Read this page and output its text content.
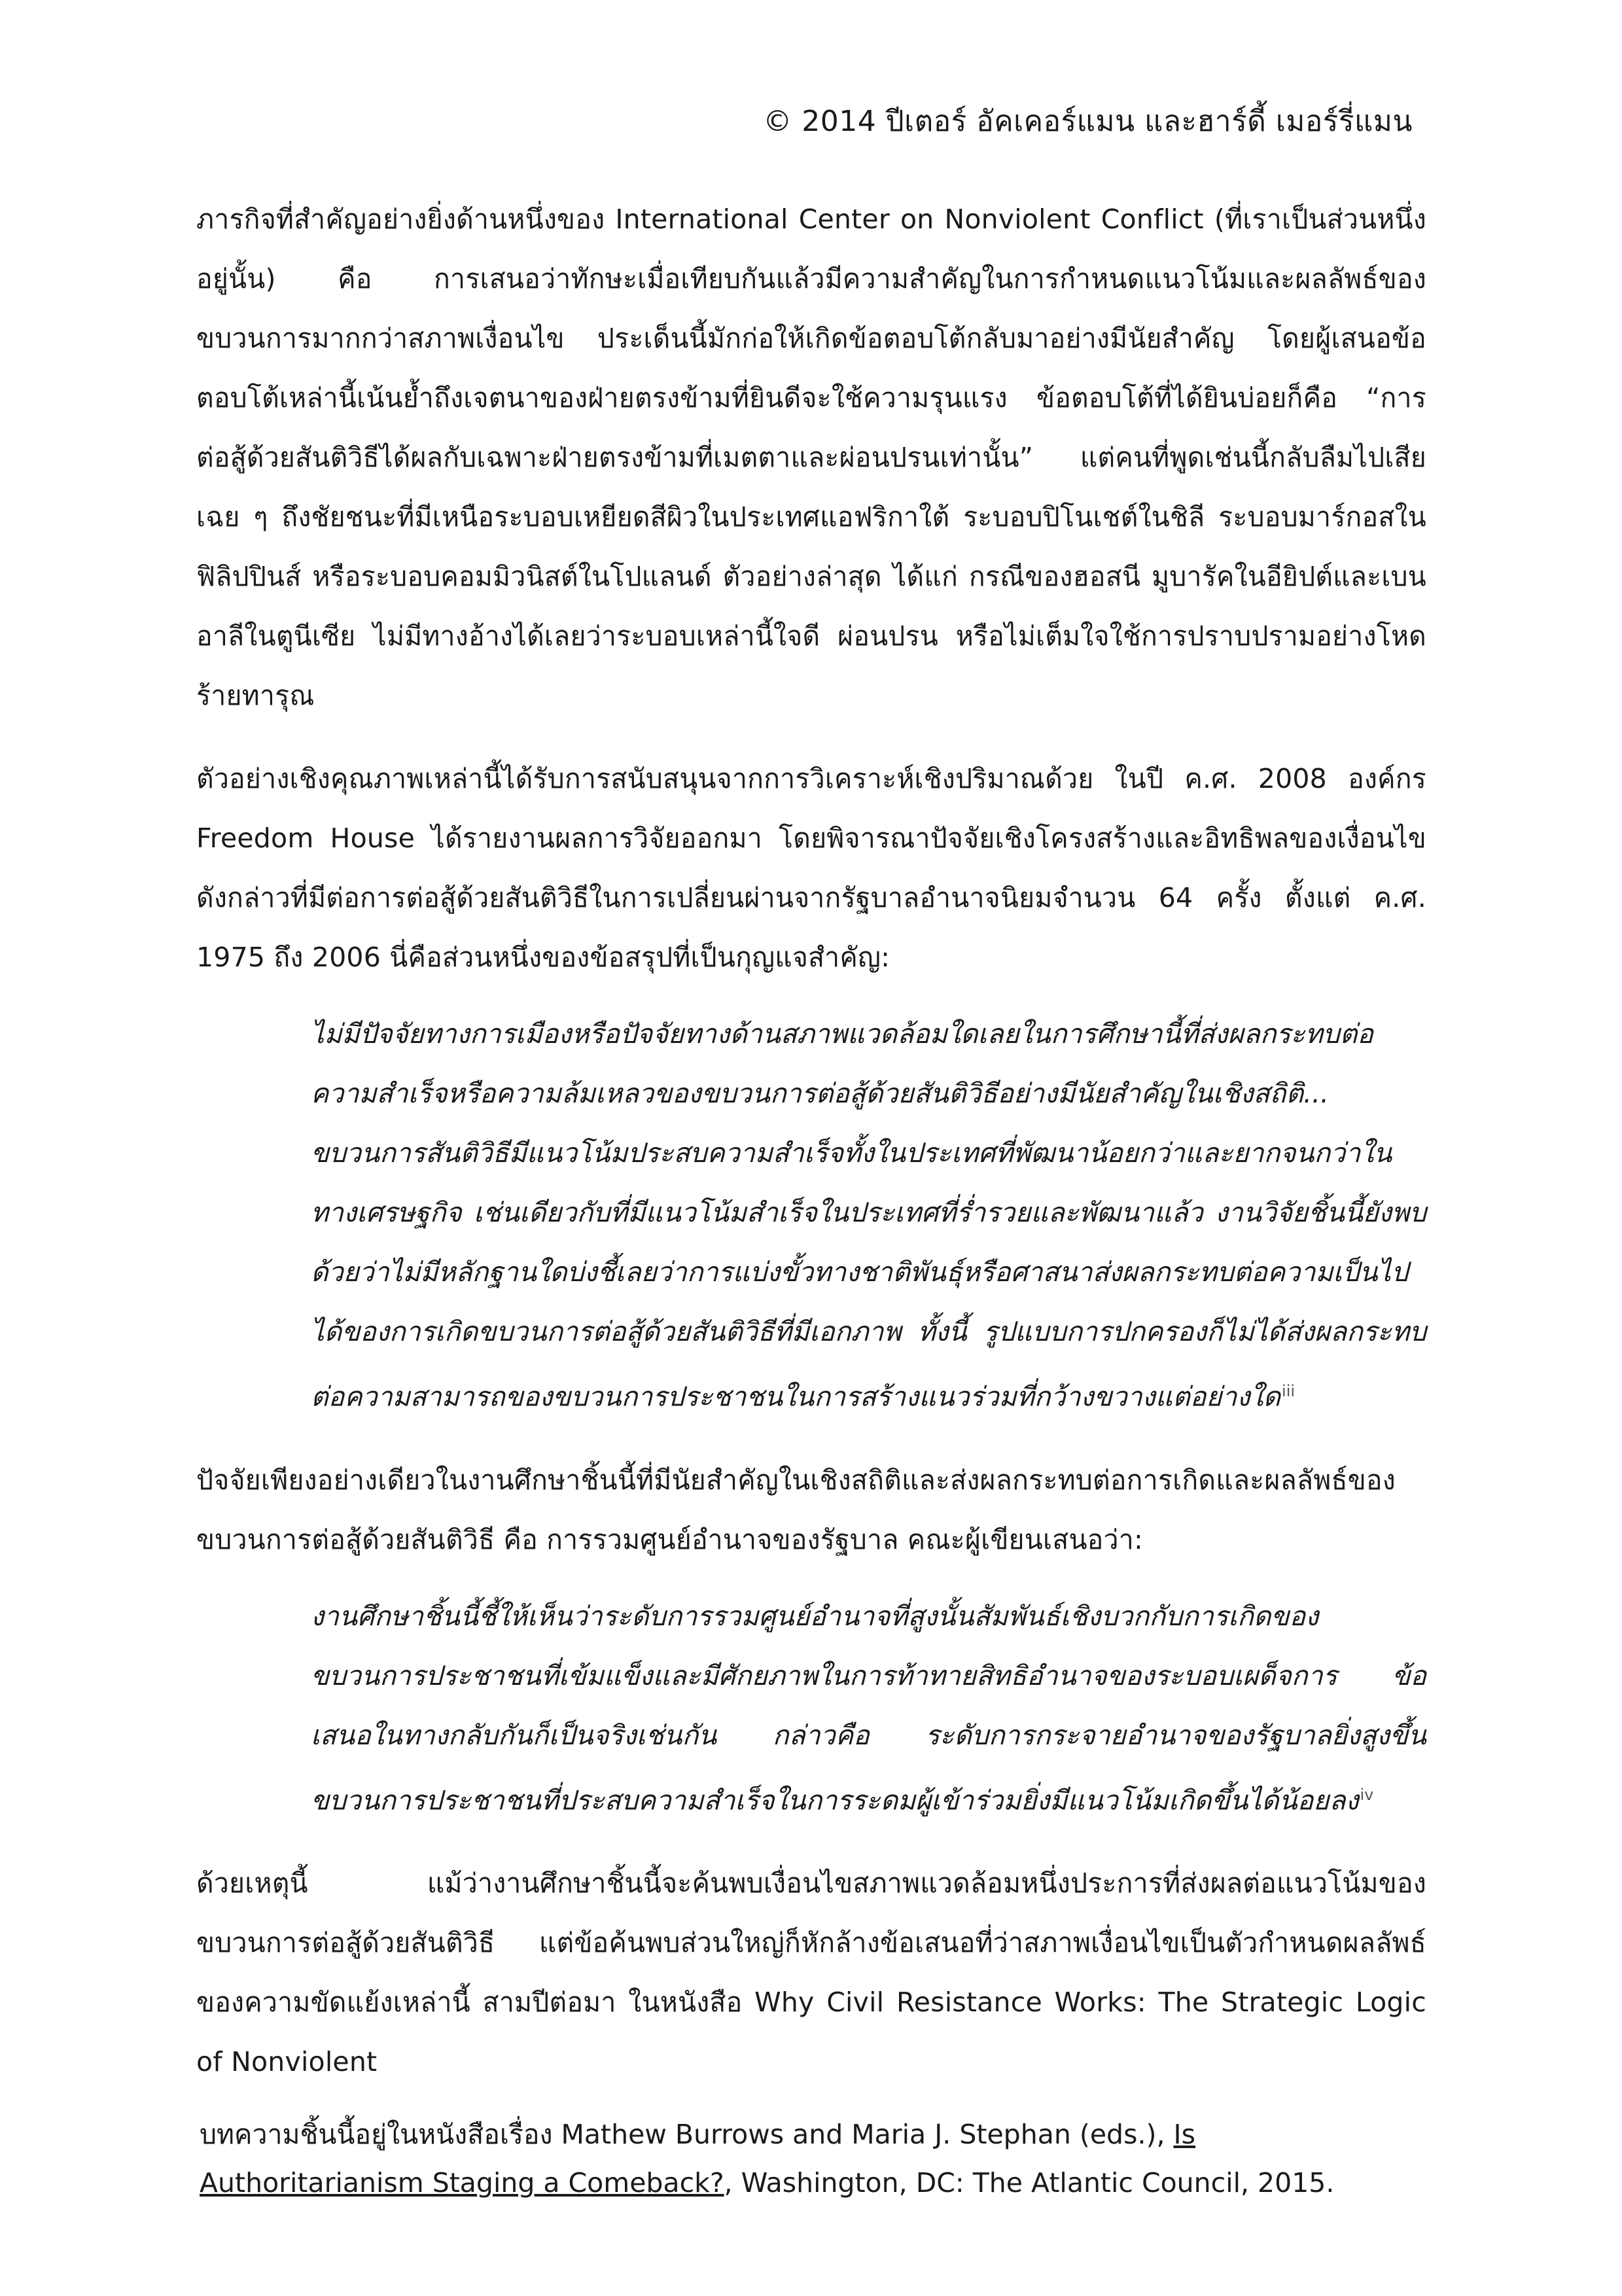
© 2014 ปีเตอร์ อัคเคอร์แมน และฮาร์ดี้ เมอร์รี่แมน

ภารกิจที่สำคัญอย่างยิ่งด้านหนึ่งของ International Center on Nonviolent Conflict (ที่เราเป็นส่วนหนึ่งอยู่นั้น) คือ การเสนอว่าทักษะเมื่อเทียบกันแล้วมีความสำคัญในการกำหนดแนวโน้มและผลลัพธ์ของขบวนการมากกว่าสภาพเงื่อนไข ประเด็นนี้มักก่อให้เกิดข้อตอบโต้กลับมาอย่างมีนัยสำคัญ โดยผู้เสนอข้อตอบโต้เหล่านี้เน้นย้ำถึงเจตนาของฝ่ายตรงข้ามที่ยินดีจะใช้ความรุนแรง ข้อตอบโต้ที่ได้ยินบ่อยก็คือ “การต่อสู้ด้วยสันติวิธีได้ผลกับเฉพาะฝ่ายตรงข้ามที่เมตตาและผ่อนปรนเท่านั้น” แต่คนที่พูดเช่นนี้กลับลืมไปเสียเฉย ๆ ถึงชัยชนะที่มีเหนือระบอบเหยียดสีผิวในประเทศแอฟริกาใต้ ระบอบปิโนเชต์ในชิลี ระบอบมาร์กอสในฟิลิปปินส์ หรือระบอบคอมมิวนิสต์ในโปแลนด์ ตัวอย่างล่าสุด ได้แก่ กรณีของฮอสนี มูบารัคในอียิปต์และเบน อาลีในตูนีเซีย ไม่มีทางอ้างได้เลยว่าระบอบเหล่านี้ใจดี ผ่อนปรน หรือไม่เต็มใจใช้การปราบปรามอย่างโหดร้ายทารุณ

ตัวอย่างเชิงคุณภาพเหล่านี้ได้รับการสนับสนุนจากการวิเคราะห์เชิงปริมาณด้วย ในปี ค.ศ. 2008 องค์กร Freedom House ได้รายงานผลการวิจัยออกมา โดยพิจารณาปัจจัยเชิงโครงสร้างและอิทธิพลของเงื่อนไขดังกล่าวที่มีต่อการต่อสู้ด้วยสันติวิธีในการเปลี่ยนผ่านจากรัฐบาลอำนาจนิยมจำนวน 64 ครั้ง ตั้งแต่ ค.ศ. 1975 ถึง 2006 นี่คือส่วนหนึ่งของข้อสรุปที่เป็นกุญแจสำคัญ:

ไม่มีปัจจัยทางการเมืองหรือปัจจัยทางด้านสภาพแวดล้อมใดเลยในการศึกษานี้ที่ส่งผลกระทบต่อความสำเร็จหรือความล้มเหลวของขบวนการต่อสู้ด้วยสันติวิธีอย่างมีนัยสำคัญในเชิงสถิติ... ขบวนการสันติวิธีมีแนวโน้มประสบความสำเร็จทั้งในประเทศที่พัฒนาน้อยกว่าและยากจนกว่าในทางเศรษฐกิจ เช่นเดียวกับที่มีแนวโน้มสำเร็จในประเทศที่ร่ำรวยและพัฒนาแล้ว งานวิจัยชิ้นนี้ยังพบด้วยว่าไม่มีหลักฐานใดบ่งชี้เลยว่าการแบ่งขั้วทางชาติพันธุ์หรือศาสนาส่งผลกระทบต่อความเป็นไปได้ของการเกิดขบวนการต่อสู้ด้วยสันติวิธีที่มีเอกภาพ ทั้งนี้ รูปแบบการปกครองก็ไม่ได้ส่งผลกระทบต่อความสามารถของขบวนการประชาชนในการสร้างแนวร่วมที่กว้างขวางแต่อย่างใด$^{iii}$

ปัจจัยเพียงอย่างเดียวในงานศึกษาชิ้นนี้ที่มีนัยสำคัญในเชิงสถิติและส่งผลกระทบต่อการเกิดและผลลัพธ์ของขบวนการต่อสู้ด้วยสันติวิธี คือ การรวมศูนย์อำนาจของรัฐบาล คณะผู้เขียนเสนอว่า:

งานศึกษาชิ้นนี้ชี้ให้เห็นว่าระดับการรวมศูนย์อำนาจที่สูงนั้นสัมพันธ์เชิงบวกกับการเกิดของขบวนการประชาชนที่เข้มแข็งและมีศักยภาพในการท้าทายสิทธิอำนาจของระบอบเผด็จการ ข้อเสนอในทางกลับกันก็เป็นจริงเช่นกัน กล่าวคือ ระดับการกระจายอำนาจของรัฐบาลยิ่งสูงขึ้น ขบวนการประชาชนที่ประสบความสำเร็จในการระดมผู้เข้าร่วมยิ่งมีแนวโน้มเกิดขึ้นได้น้อยลง$^{iv}$

ด้วยเหตุนี้ แม้ว่างานศึกษาชิ้นนี้จะค้นพบเงื่อนไขสภาพแวดล้อมหนึ่งประการที่ส่งผลต่อแนวโน้มของขบวนการต่อสู้ด้วยสันติวิธี แต่ข้อค้นพบส่วนใหญ่ก็หักล้างข้อเสนอที่ว่าสภาพเงื่อนไขเป็นตัวกำหนดผลลัพธ์ของความขัดแย้งเหล่านี้ สามปีต่อมา ในหนังสือ Why Civil Resistance Works: The Strategic Logic of Nonviolent

บทความชิ้นนี้อยู่ในหนังสือเรื่อง Mathew Burrows and Maria J. Stephan (eds.), Is
Authoritarianism Staging a Comeback?, Washington, DC: The Atlantic Council, 2015.
